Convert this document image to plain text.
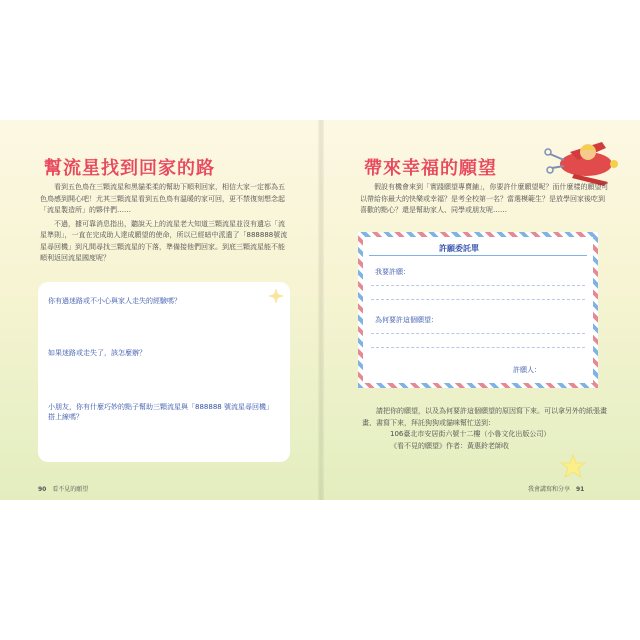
幫流星找到回家的路

看到五色鳥在三顆流星和黑貓柔柔的幫助下順利回家，相信大家一定都為五色鳥感到開心吧！尤其三顆流星看到五色鳥有溫暖的家可回，更不禁復刻想念起「流星製造所」的夥伴們……

不過，據可靠消息指出，聽說天上的流星老大知道三顆流星並沒有遺忘「流星準則」，一直在完成助人達成願望的使命，所以已經暗中派遣了「888888號流星尋回機」到凡間尋找三顆流星的下落，準備接他們回家。到底三顆流星能不能順利返回流星國度呢？

你有過迷路或不小心與家人走失的經驗嗎？
如果迷路或走失了，該怎麼辦？
小朋友，你有什麼巧妙的點子幫助三顆流星與「888888 號流星尋回機」搭上線嗎？
90 看不見的願望
帶來幸福的願望

假設有機會來到「實踐願望專賣鋪」，你要許什麼願望呢？而什麼樣的願望可以帶給你最大的快樂或幸福？是考全校第一名？當選模範生？是放學回家後吃到喜歡的點心？還是幫助家人、同學或朋友呢……

許願委託單
我要許願：
為何要許這個願望：
許願人：

請把你的願望，以及為何要許這個願望的原因寫下來。可以拿另外的紙張畫畫、書寫下來，拜託狗狗或貓咪幫忙送到：

106臺北市安居街六號十二樓（小魯文化出版公司）

《看不見的願望》作者：黃惠鈴老師收

我會講寫和分享 91
